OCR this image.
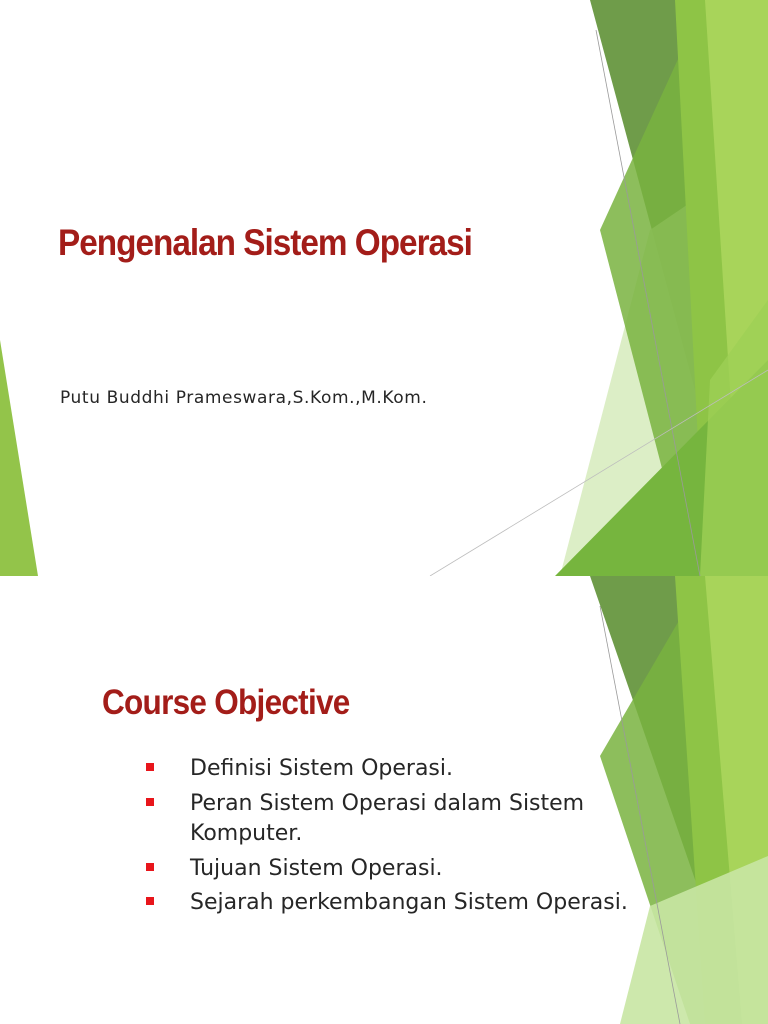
Pengenalan Sistem Operasi

Putu Buddhi Prameswara,S.Kom.,M.Kom.

Course Objective
Definisi Sistem Operasi.
Peran Sistem Operasi dalam Sistem Komputer.
Tujuan Sistem Operasi.
Sejarah perkembangan Sistem Operasi.
